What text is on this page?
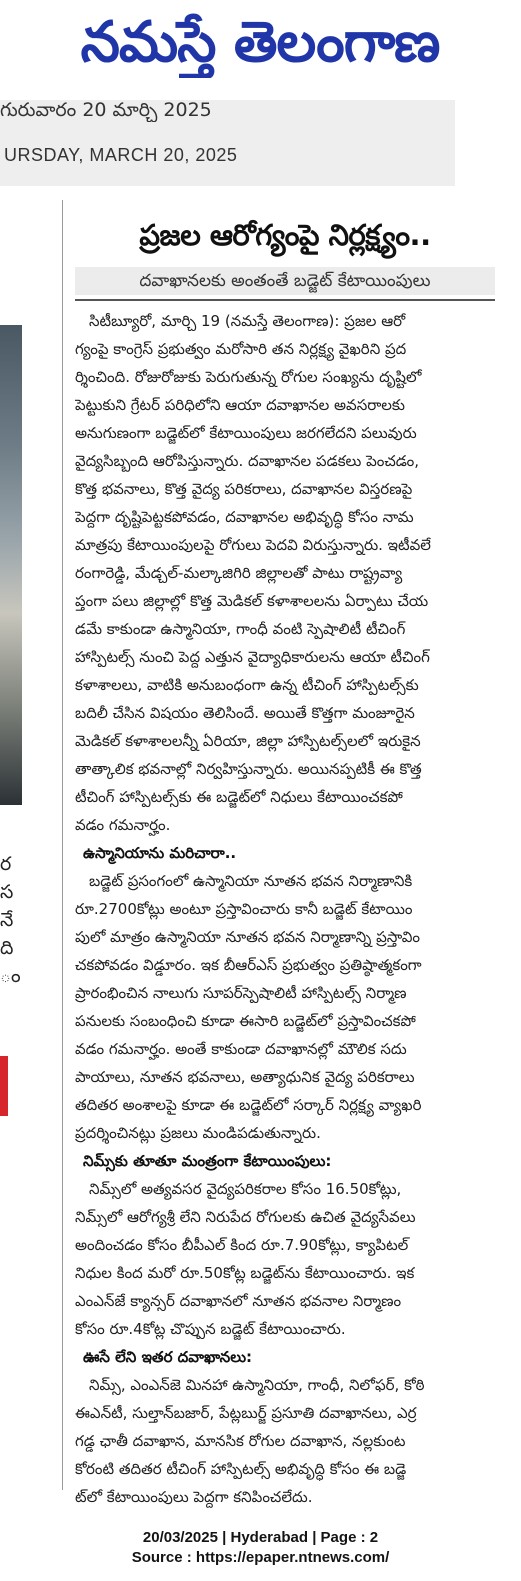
నమస్తే తెలంగాణ
గురువారం 20 మార్చి 2025
URSDAY, MARCH 20, 2025
ర
స
నే
ది
ం
ప్రజల ఆరోగ్యంపై నిర్లక్ష్యం..
దవాఖానలకు అంతంతే బడ్జెట్ కేటాయింపులు
సిటీబ్యూరో, మార్చి 19 (నమస్తే తెలంగాణ): ప్రజల ఆరో
గ్యంపై కాంగ్రెస్ ప్రభుత్వం మరోసారి తన నిర్లక్ష్య వైఖరిని ప్రద
ర్శించింది. రోజురోజుకు పెరుగుతున్న రోగుల సంఖ్యను దృష్టిలో
పెట్టుకుని గ్రేటర్ పరిధిలోని ఆయా దవాఖానల అవసరాలకు
అనుగుణంగా బడ్జెట్‌లో కేటాయింపులు జరగలేదని పలువురు
వైద్యసిబ్బంది ఆరోపిస్తున్నారు. దవాఖానల పడకలు పెంచడం,
కొత్త భవనాలు, కొత్త వైద్య పరికరాలు, దవాఖానల విస్తరణపై
పెద్దగా దృష్టిపెట్టకపోవడం, దవాఖానల అభివృద్ధి కోసం నామ
మాత్రపు కేటాయింపులపై రోగులు పెదవి విరుస్తున్నారు. ఇటీవలే
రంగారెడ్డి, మేడ్చల్-మల్కాజిగిరి జిల్లాలతో పాటు రాష్ట్రవ్యా
ప్తంగా పలు జిల్లాల్లో కొత్త మెడికల్ కళాశాలలను ఏర్పాటు చేయ
డమే కాకుండా ఉస్మానియా, గాంధీ వంటి స్పెషాలిటీ టీచింగ్
హాస్పిటల్స్ నుంచి పెద్ద ఎత్తున వైద్యాధికారులను ఆయా టీచింగ్
కళాశాలలు, వాటికి అనుబంధంగా ఉన్న టీచింగ్ హాస్పిటల్స్‌కు
బదిలీ చేసిన విషయం తెలిసిందే. అయితే కొత్తగా మంజూరైన
మెడికల్ కళాశాలలన్నీ ఏరియా, జిల్లా హాస్పిటల్స్‌లలో ఇరుకైన
తాత్కాలిక భవనాల్లో నిర్వహిస్తున్నారు. అయినప్పటికీ ఈ కొత్త
టీచింగ్ హాస్పిటల్స్‌కు ఈ బడ్జెట్‌లో నిధులు కేటాయించకపో
వడం గమనార్హం.
ఉస్మానియాను మరిచారా..
బడ్జెట్ ప్రసంగంలో ఉస్మానియా నూతన భవన నిర్మాణానికి
రూ.2700కోట్లు అంటూ ప్రస్తావించారు కానీ బడ్జెట్ కేటాయిం
పులో మాత్రం ఉస్మానియా నూతన భవన నిర్మాణాన్ని ప్రస్తావిం
చకపోవడం విడ్డూరం. ఇక బీఆర్‌ఎస్ ప్రభుత్వం ప్రతిష్ఠాత్మకంగా
ప్రారంభించిన నాలుగు సూపర్‌స్పెషాలిటీ హాస్పిటల్స్ నిర్మాణ
పనులకు సంబంధించి కూడా ఈసారి బడ్జెట్‌లో ప్రస్తావించకపో
వడం గమనార్హం. అంతే కాకుండా దవాఖానల్లో మౌలిక సదు
పాయాలు, నూతన భవనాలు, అత్యాధునిక వైద్య పరికరాలు
తదితర అంశాలపై కూడా ఈ బడ్జెట్‌లో సర్కార్ నిర్లక్ష్య వ్యాఖరి
ప్రదర్శించినట్లు ప్రజలు మండిపడుతున్నారు.
నిమ్స్‌కు తూతూ మంత్రంగా కేటాయింపులు:
నిమ్స్‌లో అత్యవసర వైద్యపరికరాల కోసం 16.50కోట్లు,
నిమ్స్‌లో ఆరోగ్యశ్రీ లేని నిరుపేద రోగులకు ఉచిత వైద్యసేవలు
అందించడం కోసం బీపీఎల్ కింద రూ.7.90కోట్లు, క్యాపిటల్
నిధుల కింద మరో రూ.50కోట్ల బడ్జెట్‌ను కేటాయించారు. ఇక
ఎంఎన్‌జే క్యాన్సర్ దవాఖానలో నూతన భవనాల నిర్మాణం
కోసం రూ.4కోట్ల చొప్పున బడ్జెట్ కేటాయించారు.
ఊసే లేని ఇతర దవాఖానలు:
నిమ్స్, ఎంఎన్‌జె మినహా ఉస్మానియా, గాంధీ, నిలోఫర్, కోఠి
ఈఎన్‌టీ, సుల్తాన్‌బజార్, పేట్లబుర్జ్ ప్రసూతి దవాఖానలు, ఎర్ర
గడ్డ ఛాతీ దవాఖాన, మానసిక రోగుల దవాఖాన, నల్లకుంట
కోరంటి తదితర టీచింగ్ హాస్పిటల్స్ అభివృద్ధి కోసం ఈ బడ్జె
ట్‌లో కేటాయింపులు పెద్దగా కనిపించలేదు.
20/03/2025 | Hyderabad | Page : 2
Source : https://epaper.ntnews.com/
